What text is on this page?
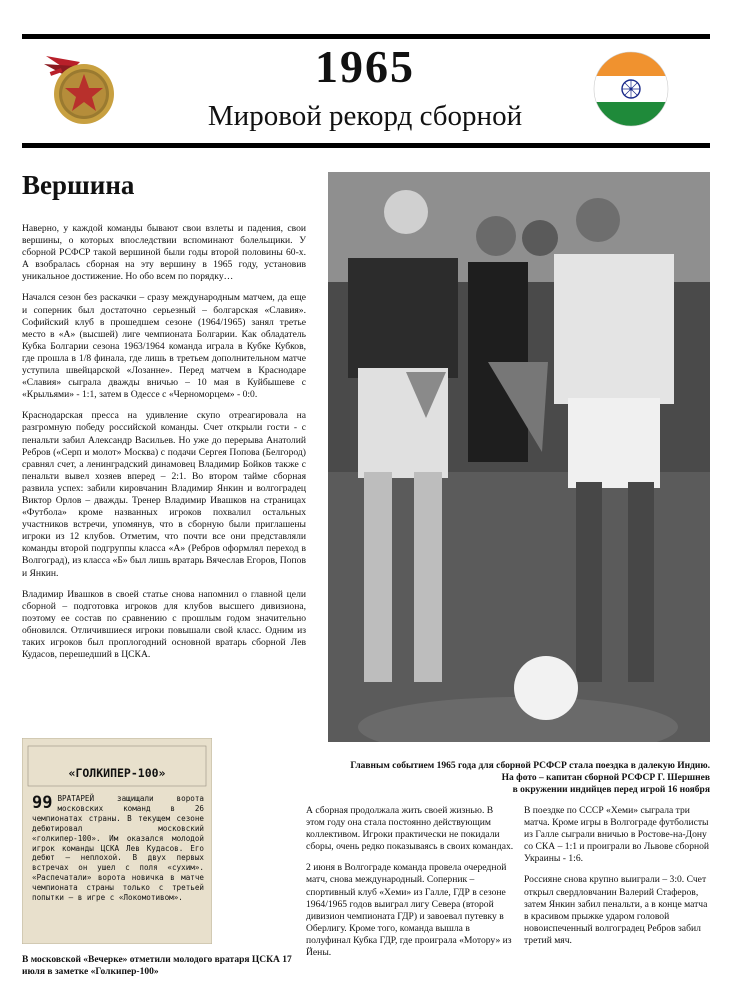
1965
Мировой рекорд сборной
Вершина

Наверно, у каждой команды бывают свои взлеты и падения, свои вершины, о которых впоследствии вспоминают болельщики. У сборной РСФСР такой вершиной были годы второй половины 60-х. А взобралась сборная на эту вершину в 1965 году, установив уникальное достижение. Но обо всем по порядку…

Начался сезон без раскачки – сразу международным матчем, да еще и соперник был достаточно серьезный – болгарская «Славия». Софийский клуб в прошедшем сезоне (1964/1965) занял третье место в «А» (высшей) лиге чемпионата Болгарии. Как обладатель Кубка Болгарии сезона 1963/1964 команда играла в Кубке Кубков, где прошла в 1/8 финала, где лишь в третьем дополнительном матче уступила швейцарской «Лозанне». Перед матчем в Краснодаре «Славия» сыграла дважды вничью – 10 мая в Куйбышеве с «Крыльями» - 1:1, затем в Одессе с «Черноморцем» - 0:0.

Краснодарская пресса на удивление скупо отреагировала на разгромную победу российской команды. Счет открыли гости - с пенальти забил Александр Васильев. Но уже до перерыва Анатолий Ребров («Серп и молот» Москва) с подачи Сергея Попова (Белгород) сравнял счет, а ленинградский динамовец Владимир Бойков также с пенальти вывел хозяев вперед – 2:1. Во втором тайме сборная развила успех: забили кировчанин Владимир Янкин и волгоградец Виктор Орлов – дважды. Тренер Владимир Ивашков на страницах «Футбола» кроме названных игроков похвалил остальных участников встречи, упомянув, что в сборную были приглашены игроки из 12 клубов. Отметим, что почти все они представляли команды второй подгруппы класса «А» (Ребров оформлял переход в Волгоград), из класса «Б» был лишь вратарь Вячеслав Егоров, Попов и Янкин.

Владимир Ивашков в своей статье снова напомнил о главной цели сборной – подготовка игроков для клубов высшего дивизиона, поэтому ее состав по сравнению с прошлым годом значительно обновился. Отличившиеся игроки повышали свой класс. Одним из таких игроков был проплогодний основной вратарь сборной Лев Кудасов, перешедший в ЦСКА.

Главным событием 1965 года для сборной РСФСР стала поездка в далекую Индию.
На фото – капитан сборной РСФСР Г. Шершнев
в окружении индийцев перед игрой 16 ноября
«ГОЛКИПЕР-100»
99 ВРАТАРЕЙ защищали ворота московских команд в 26 чемпионатах страны. В текущем сезоне дебютировал московский «голкипер-100». Им оказался молодой игрок команды ЦСКА Лев Кудасов. Его дебют — неплохой. В двух первых встречах он ушел с поля «сухим». «Распечатали» ворота новичка в матче чемпионата страны только с третьей попытки — в игре с «Локомотивом».
В московской «Вечерке» отметили молодого вратаря ЦСКА 17 июля в заметке «Голкипер-100»

А сборная продолжала жить своей жизнью. В этом году она стала постоянно действующим коллективом. Игроки практически не покидали сборы, очень редко показываясь в своих командах.

2 июня в Волгограде команда провела очередной матч, снова международный. Соперник – спортивный клуб «Хеми» из Галле, ГДР в сезоне 1964/1965 годов выиграл лигу Севера (второй дивизион чемпионата ГДР) и завоевал путевку в Оберлигу. Кроме того, команда вышла в полуфинал Кубка ГДР, где проиграла «Мотору» из Йены.

В поездке по СССР «Хеми» сыграла три матча. Кроме игры в Волгограде футболисты из Галле сыграли вничью в Ростове-на-Дону со СКА – 1:1 и проиграли во Львове сборной Украины - 1:6.

Россияне снова крупно выиграли – 3:0. Счет открыл свердловчанин Валерий Стаферов, затем Янкин забил пенальти, а в конце матча в красивом прыжке ударом головой новоиспеченный волгоградец Ребров забил третий мяч.
